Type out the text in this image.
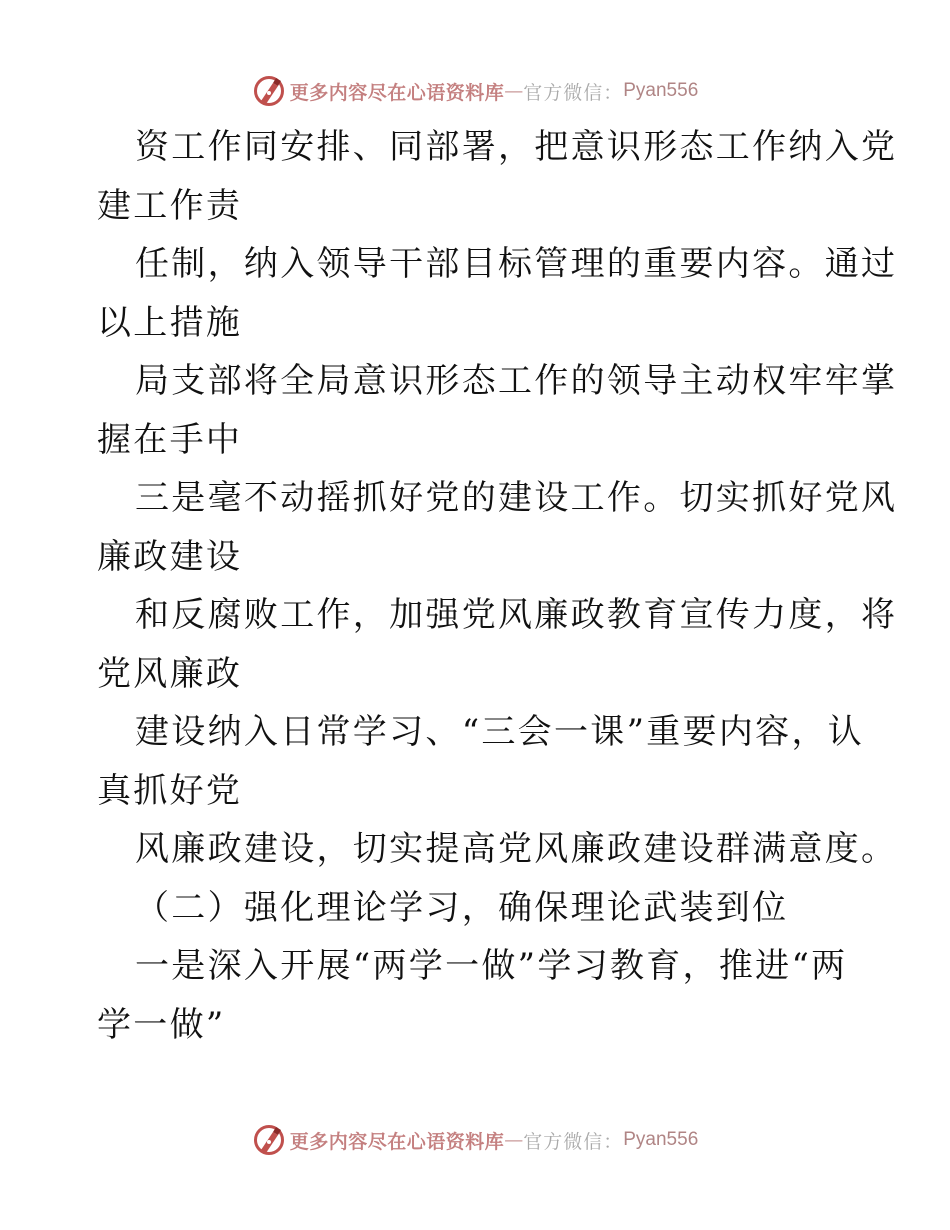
更多内容尽在心语资料库 — 官方微信： Pyan556
资工作同安排、同部署，把意识形态工作纳入党
建工作责
任制，纳入领导干部目标管理的重要内容。通过
以上措施
局支部将全局意识形态工作的领导主动权牢牢掌
握在手中
三是毫不动摇抓好党的建设工作。切实抓好党风
廉政建设
和反腐败工作，加强党风廉政教育宣传力度，将
党风廉政
建设纳入日常学习、“三会一课”重要内容，认
真抓好党
风廉政建设，切实提高党风廉政建设群满意度。
（二）强化理论学习，确保理论武装到位
一是深入开展“两学一做”学习教育，推进“两
学一做”
更多内容尽在心语资料库 — 官方微信： Pyan556
